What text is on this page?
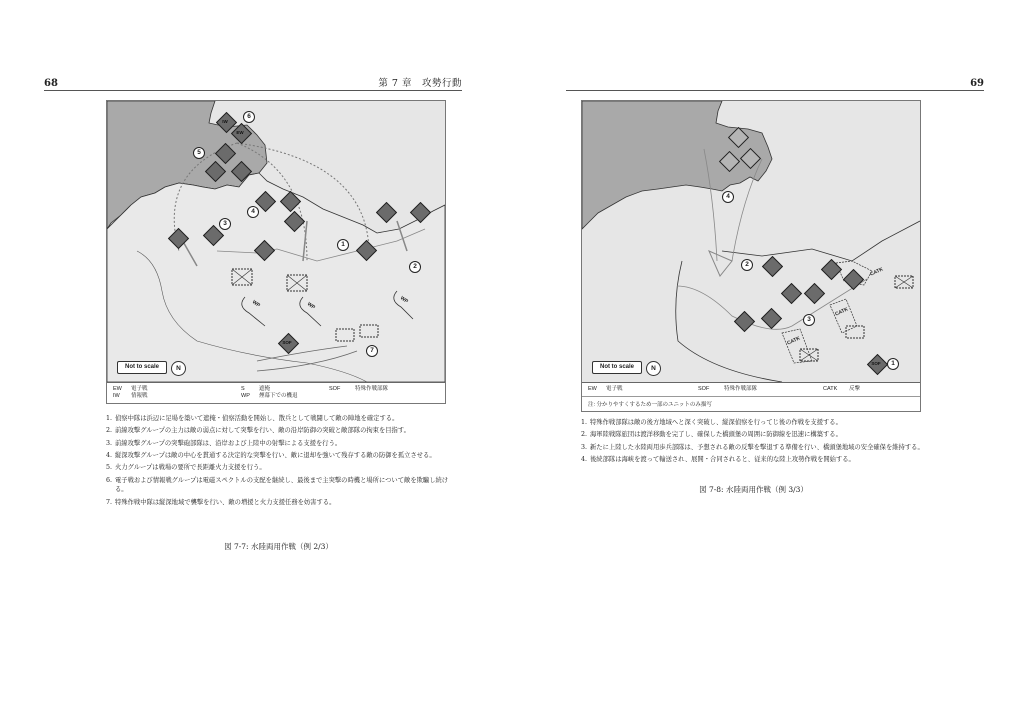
68	第 7 章　攻勢行動
IW
EW
SOF
WP	WP
WP
1
2
3
4
5
6
7
Not to scale	N
EW	電子戦	S	遮掩	SOF	特殊作戦部隊
IW	情報戦	WP	煙幕下での機退
1. 偵察中隊は浜辺に足場を築いて遮掩・偵察活動を開始し、散兵として戦闘して敵の陣地を確定する。
2. 前線攻撃グループの主力は敵の弱点に対して突撃を行い、敵の沿岸防御の突破と敵部隊の拘束を目指す。
3. 前線攻撃グループの突撃砲部隊は、沿岸および上陸中の射撃による支援を行う。
4. 縦深攻撃グループは敵の中心を貫通する決定的な突撃を行い、敵に退却を強いて残存する敵の防御を孤立させる。
5. 火力グループは戦場の要所で長距離火力支援を行う。
6. 電子戦および情報戦グループは電磁スペクトルの支配を継続し、最後まで主突撃の時機と場所について敵を欺騙し続ける。
7. 特殊作戦中隊は縦深地域で襲撃を行い、敵の増援と火力支援任務を妨害する。
図 7-7: 水陸両用作戦（例 2/3）
69
SOF
CATK
CATK
CATK
1
2
3
4
Not to scale	N
EW	電子戦	SOF	特殊作戦部隊	CATK	反撃
注: 分かりやすくするため一部のユニットのみ描写
1. 特殊作戦部隊は敵の後方地域へと深く突破し、縦深偵察を行ってじ後の作戦を支援する。
2. 海軍陸戦隊旅団は渡洋移動を完了し、確保した橋頭堡の周囲に防御線を迅速に構築する。
3. 新たに上陸した水陸両用歩兵部隊は、予想される敵の反撃を撃退する準備を行い、橋頭堡地域の安全確保を維持する。
4. 後続部隊は海峡を渡って輸送され、展開・合同されると、従来的な陸上攻勢作戦を開始する。
図 7-8: 水陸両用作戦（例 3/3）
